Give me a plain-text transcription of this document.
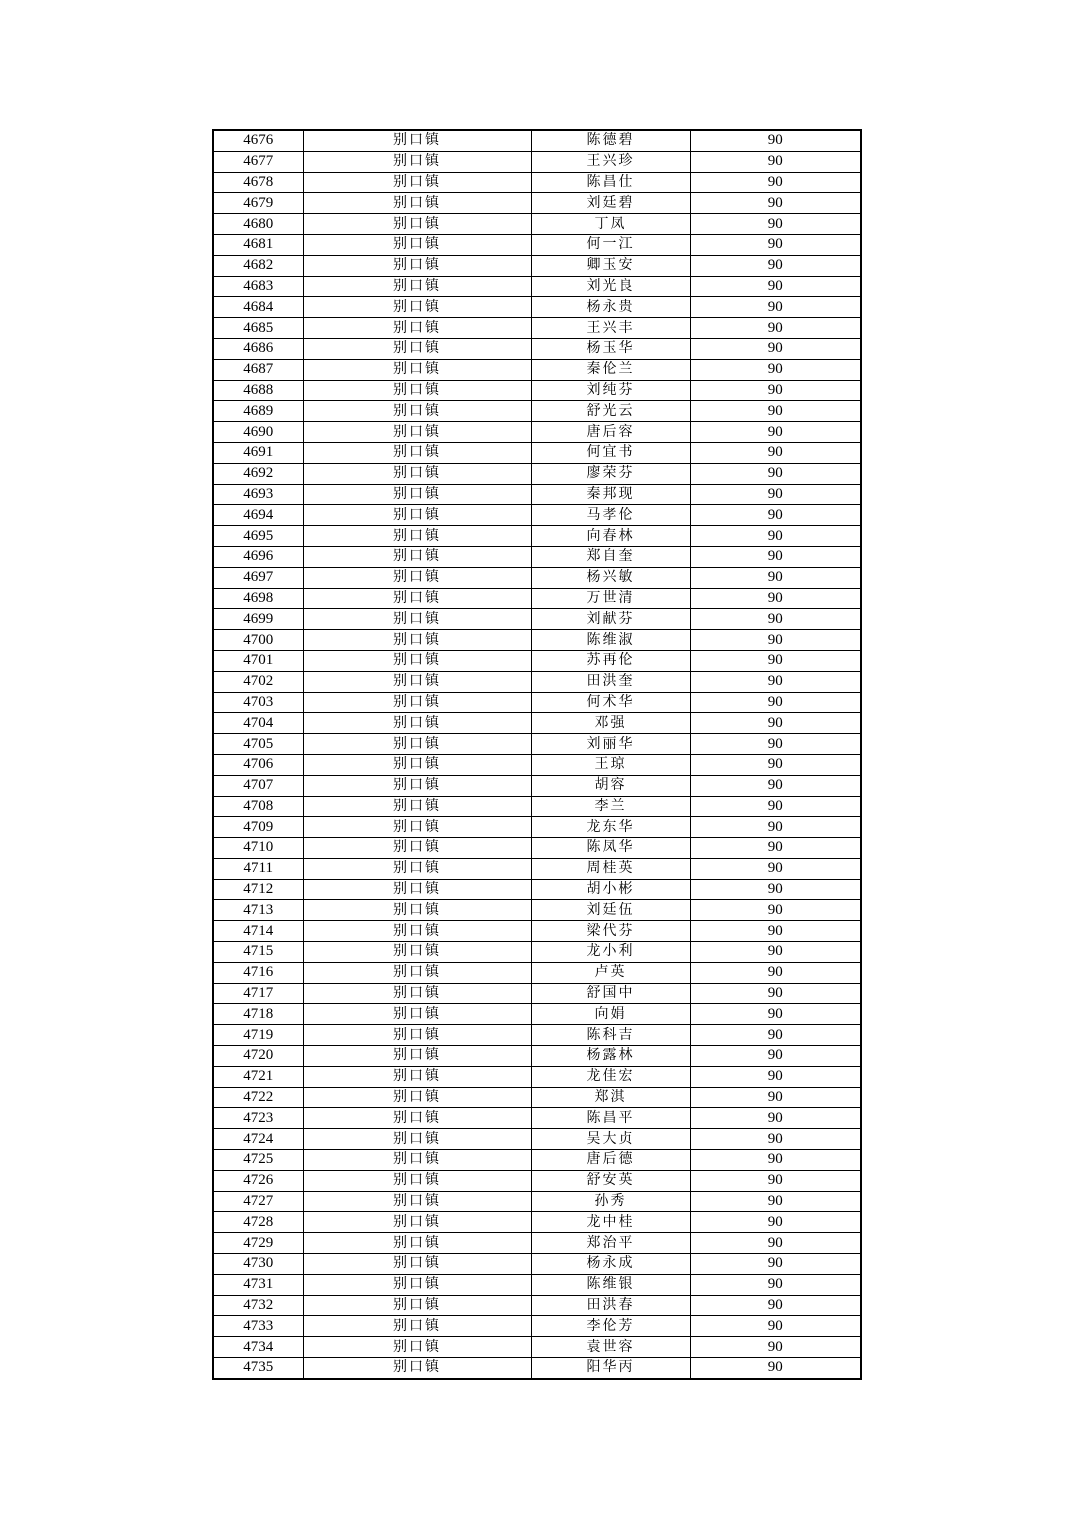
4676	别口镇	陈德碧	90
4677	别口镇	王兴珍	90
4678	别口镇	陈昌仕	90
4679	别口镇	刘廷碧	90
4680	别口镇	丁凤	90
4681	别口镇	何一江	90
4682	别口镇	卿玉安	90
4683	别口镇	刘光良	90
4684	别口镇	杨永贵	90
4685	别口镇	王兴丰	90
4686	别口镇	杨玉华	90
4687	别口镇	秦伦兰	90
4688	别口镇	刘纯芬	90
4689	别口镇	舒光云	90
4690	别口镇	唐后容	90
4691	别口镇	何宜书	90
4692	别口镇	廖荣芬	90
4693	别口镇	秦邦现	90
4694	别口镇	马孝伦	90
4695	别口镇	向春林	90
4696	别口镇	郑自奎	90
4697	别口镇	杨兴敏	90
4698	别口镇	万世清	90
4699	别口镇	刘献芬	90
4700	别口镇	陈维淑	90
4701	别口镇	苏再伦	90
4702	别口镇	田洪奎	90
4703	别口镇	何术华	90
4704	别口镇	邓强	90
4705	别口镇	刘丽华	90
4706	别口镇	王琼	90
4707	别口镇	胡容	90
4708	别口镇	李兰	90
4709	别口镇	龙东华	90
4710	别口镇	陈凤华	90
4711	别口镇	周桂英	90
4712	别口镇	胡小彬	90
4713	别口镇	刘廷伍	90
4714	别口镇	梁代芬	90
4715	别口镇	龙小利	90
4716	别口镇	卢英	90
4717	别口镇	舒国中	90
4718	别口镇	向娟	90
4719	别口镇	陈科吉	90
4720	别口镇	杨露林	90
4721	别口镇	龙佳宏	90
4722	别口镇	郑淇	90
4723	别口镇	陈昌平	90
4724	别口镇	吴大贞	90
4725	别口镇	唐后德	90
4726	别口镇	舒安英	90
4727	别口镇	孙秀	90
4728	别口镇	龙中桂	90
4729	别口镇	郑治平	90
4730	别口镇	杨永成	90
4731	别口镇	陈维银	90
4732	别口镇	田洪春	90
4733	别口镇	李伦芳	90
4734	别口镇	袁世容	90
4735	别口镇	阳华丙	90
